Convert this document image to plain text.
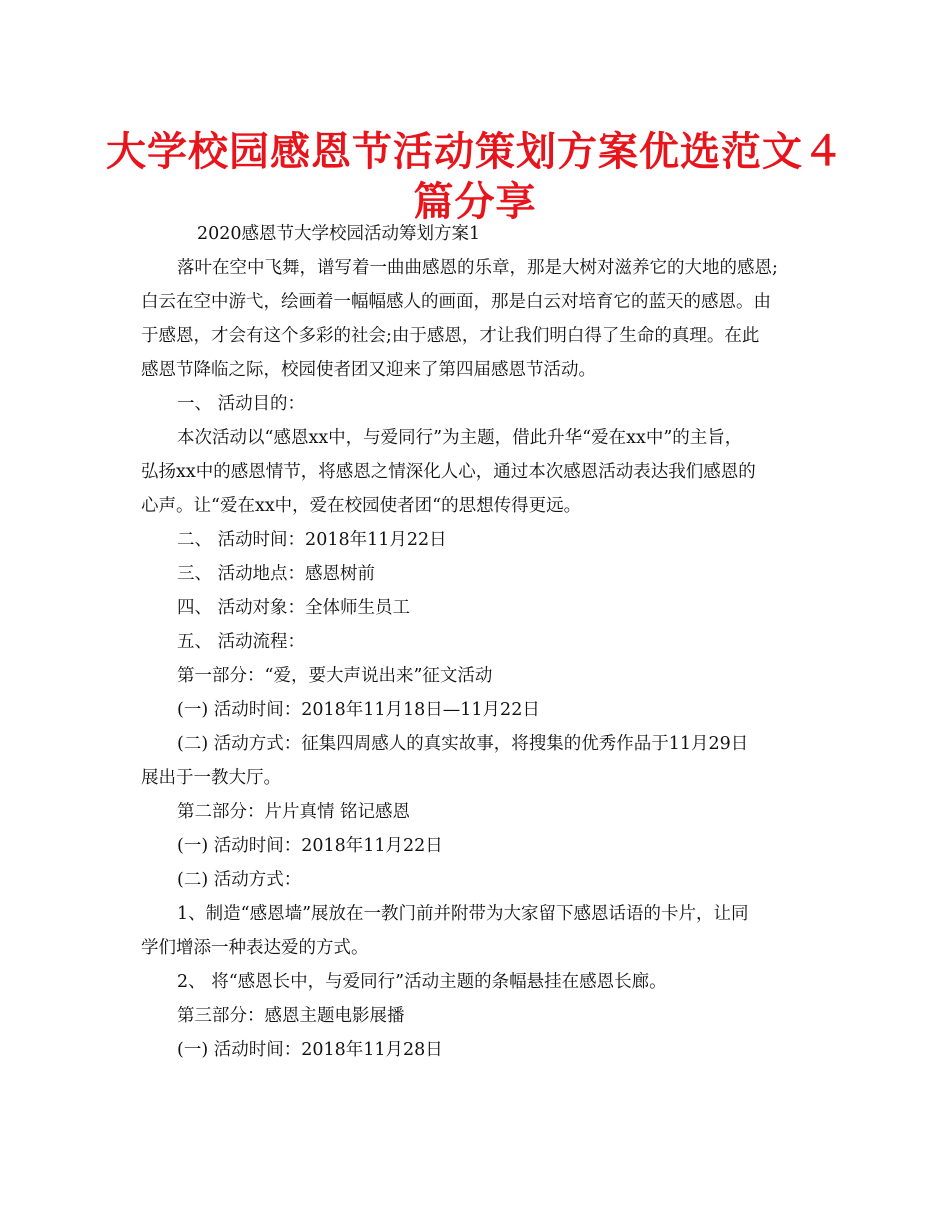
大学校园感恩节活动策划方案优选范文４
篇分享
2020感恩节大学校园活动筹划方案1
落叶在空中飞舞，谱写着一曲曲感恩的乐章，那是大树对滋养它的大地的感恩;
白云在空中游弋，绘画着一幅幅感人的画面，那是白云对培育它的蓝天的感恩。由
于感恩，才会有这个多彩的社会;由于感恩，才让我们明白得了生命的真理。在此
感恩节降临之际，校园使者团又迎来了第四届感恩节活动。
一、 活动目的：
本次活动以“感恩xx中，与爱同行”为主题，借此升华“爱在xx中”的主旨，
弘扬xx中的感恩情节，将感恩之情深化人心，通过本次感恩活动表达我们感恩的
心声。让“爱在xx中，爱在校园使者团“的思想传得更远。
二、 活动时间：2018年11月22日
三、 活动地点：感恩树前
四、 活动对象：全体师生员工
五、 活动流程：
第一部分：“爱，要大声说出来”征文活动
(一) 活动时间：2018年11月18日—11月22日
(二) 活动方式：征集四周感人的真实故事，将搜集的优秀作品于11月29日
展出于一教大厅。
第二部分：片片真情 铭记感恩
(一) 活动时间：2018年11月22日
(二) 活动方式：
1、制造“感恩墙”展放在一教门前并附带为大家留下感恩话语的卡片，让同
学们增添一种表达爱的方式。
2、 将“感恩长中，与爱同行”活动主题的条幅悬挂在感恩长廊。
第三部分：感恩主题电影展播
(一) 活动时间：2018年11月28日
